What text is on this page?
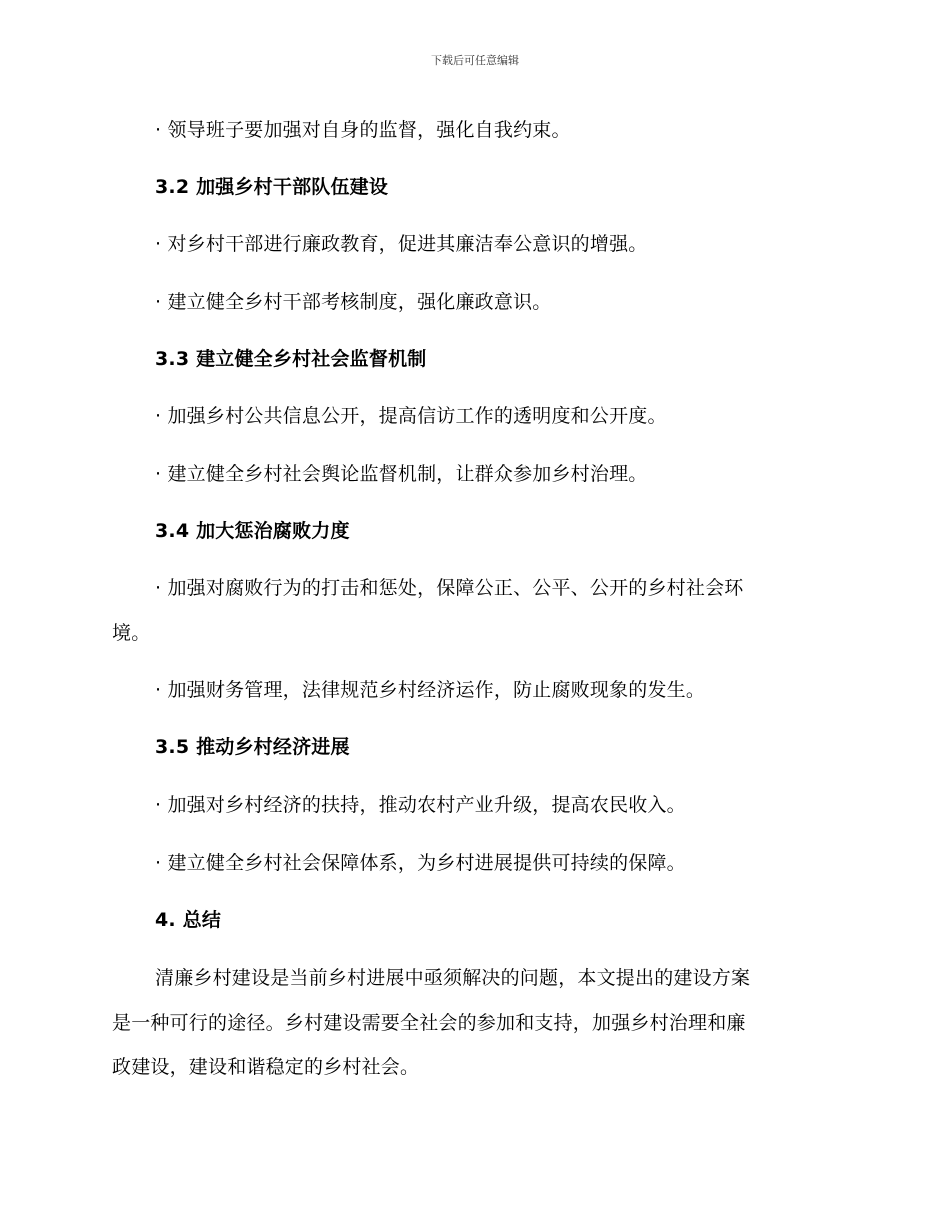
下载后可任意编辑
· 领导班子要加强对自身的监督，强化自我约束。
3.2 加强乡村干部队伍建设
· 对乡村干部进行廉政教育，促进其廉洁奉公意识的增强。
· 建立健全乡村干部考核制度，强化廉政意识。
3.3 建立健全乡村社会监督机制
· 加强乡村公共信息公开，提高信访工作的透明度和公开度。
· 建立健全乡村社会舆论监督机制，让群众参加乡村治理。
3.4 加大惩治腐败力度
· 加强对腐败行为的打击和惩处，保障公正、公平、公开的乡村社会环
境。
· 加强财务管理，法律规范乡村经济运作，防止腐败现象的发生。
3.5 推动乡村经济进展
· 加强对乡村经济的扶持，推动农村产业升级，提高农民收入。
· 建立健全乡村社会保障体系，为乡村进展提供可持续的保障。
4. 总结
清廉乡村建设是当前乡村进展中亟须解决的问题，本文提出的建设方案
是一种可行的途径。乡村建设需要全社会的参加和支持，加强乡村治理和廉
政建设，建设和谐稳定的乡村社会。
